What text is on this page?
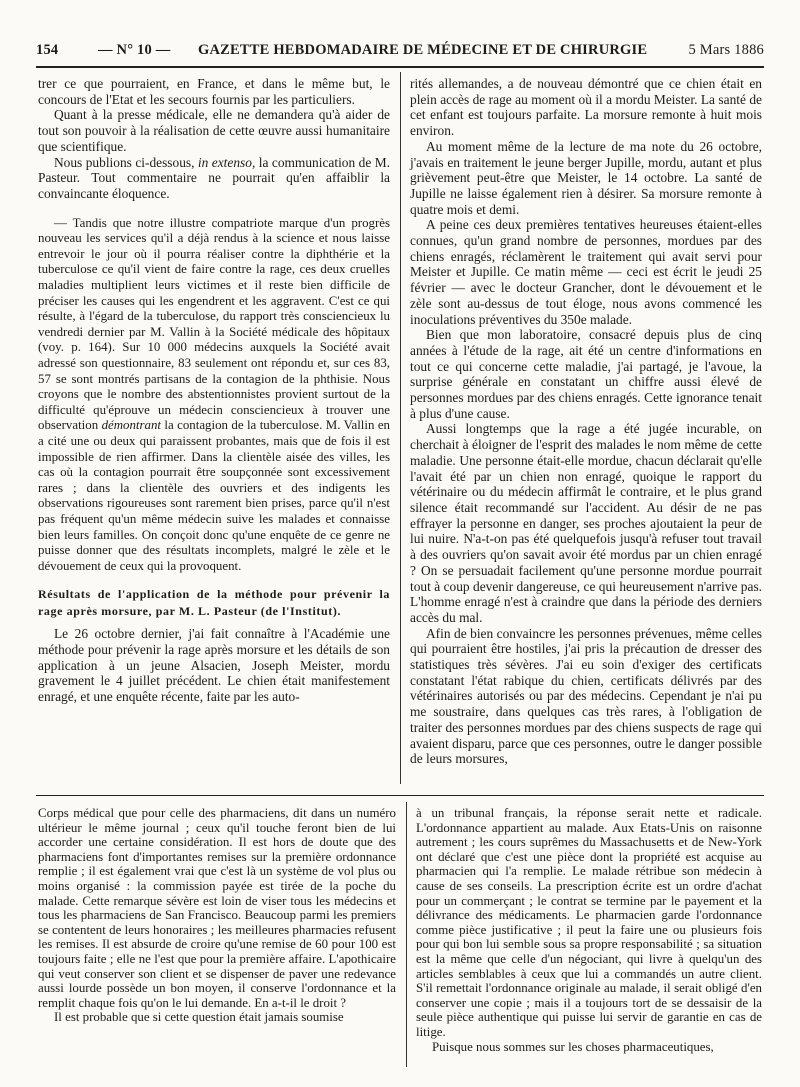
154	— N° 10 — GAZETTE HEBDOMADAIRE DE MÉDECINE ET DE CHIRURGIE	5 Mars 1886

trer ce que pourraient, en France, et dans le même but, le concours de l'Etat et les secours fournis par les particuliers.

Quant à la presse médicale, elle ne demandera qu'à aider de tout son pouvoir à la réalisation de cette œuvre aussi humanitaire que scientifique.

Nous publions ci-dessous, in extenso, la communication de M. Pasteur. Tout commentaire ne pourrait qu'en affaiblir la convaincante éloquence.

— Tandis que notre illustre compatriote marque d'un progrès nouveau les services qu'il a déjà rendus à la science et nous laisse entrevoir le jour où il pourra réaliser contre la diphthérie et la tuberculose ce qu'il vient de faire contre la rage, ces deux cruelles maladies multiplient leurs victimes et il reste bien difficile de préciser les causes qui les engendrent et les aggravent. C'est ce qui résulte, à l'égard de la tuberculose, du rapport très consciencieux lu vendredi dernier par M. Vallin à la Société médicale des hôpitaux (voy. p. 164). Sur 10 000 médecins auxquels la Société avait adressé son questionnaire, 83 seulement ont répondu et, sur ces 83, 57 se sont montrés partisans de la contagion de la phthisie. Nous croyons que le nombre des abstentionnistes provient surtout de la difficulté qu'éprouve un médecin consciencieux à trouver une observation démontrant la contagion de la tuberculose. M. Vallin en a cité une ou deux qui paraissent probantes, mais que de fois il est impossible de rien affirmer. Dans la clientèle aisée des villes, les cas où la contagion pourrait être soupçonnée sont excessivement rares ; dans la clientèle des ouvriers et des indigents les observations rigoureuses sont rarement bien prises, parce qu'il n'est pas fréquent qu'un même médecin suive les malades et connaisse bien leurs familles. On conçoit donc qu'une enquête de ce genre ne puisse donner que des résultats incomplets, malgré le zèle et le dévouement de ceux qui la provoquent.

Résultats de l'application de la méthode pour prévenir la rage après morsure, par M. L. Pasteur (de l'Institut).

Le 26 octobre dernier, j'ai fait connaître à l'Académie une méthode pour prévenir la rage après morsure et les détails de son application à un jeune Alsacien, Joseph Meister, mordu gravement le 4 juillet précédent. Le chien était manifestement enragé, et une enquête récente, faite par les auto-

rités allemandes, a de nouveau démontré que ce chien était en plein accès de rage au moment où il a mordu Meister. La santé de cet enfant est toujours parfaite. La morsure remonte à huit mois environ.

Au moment même de la lecture de ma note du 26 octobre, j'avais en traitement le jeune berger Jupille, mordu, autant et plus grièvement peut-être que Meister, le 14 octobre. La santé de Jupille ne laisse également rien à désirer. Sa morsure remonte à quatre mois et demi.

A peine ces deux premières tentatives heureuses étaient-elles connues, qu'un grand nombre de personnes, mordues par des chiens enragés, réclamèrent le traitement qui avait servi pour Meister et Jupille. Ce matin même — ceci est écrit le jeudi 25 février — avec le docteur Grancher, dont le dévouement et le zèle sont au-dessus de tout éloge, nous avons commencé les inoculations préventives du 350e malade.

Bien que mon laboratoire, consacré depuis plus de cinq années à l'étude de la rage, ait été un centre d'informations en tout ce qui concerne cette maladie, j'ai partagé, je l'avoue, la surprise générale en constatant un chiffre aussi élevé de personnes mordues par des chiens enragés. Cette ignorance tenait à plus d'une cause.

Aussi longtemps que la rage a été jugée incurable, on cherchait à éloigner de l'esprit des malades le nom même de cette maladie. Une personne était-elle mordue, chacun déclarait qu'elle l'avait été par un chien non enragé, quoique le rapport du vétérinaire ou du médecin affirmât le contraire, et le plus grand silence était recommandé sur l'accident. Au désir de ne pas effrayer la personne en danger, ses proches ajoutaient la peur de lui nuire. N'a-t-on pas été quelquefois jusqu'à refuser tout travail à des ouvriers qu'on savait avoir été mordus par un chien enragé ? On se persuadait facilement qu'une personne mordue pourrait tout à coup devenir dangereuse, ce qui heureusement n'arrive pas. L'homme enragé n'est à craindre que dans la période des derniers accès du mal.

Afin de bien convaincre les personnes prévenues, même celles qui pourraient être hostiles, j'ai pris la précaution de dresser des statistiques très sévères. J'ai eu soin d'exiger des certificats constatant l'état rabique du chien, certificats délivrés par des vétérinaires autorisés ou par des médecins. Cependant je n'ai pu me soustraire, dans quelques cas très rares, à l'obligation de traiter des personnes mordues par des chiens suspects de rage qui avaient disparu, parce que ces personnes, outre le danger possible de leurs morsures,

Corps médical que pour celle des pharmaciens, dit dans un numéro ultérieur le même journal ; ceux qu'il touche feront bien de lui accorder une certaine considération. Il est hors de doute que des pharmaciens font d'importantes remises sur la première ordonnance remplie ; il est également vrai que c'est là un système de vol plus ou moins organisé : la commission payée est tirée de la poche du malade. Cette remarque sévère est loin de viser tous les médecins et tous les pharmaciens de San Francisco. Beaucoup parmi les premiers se contentent de leurs honoraires ; les meilleures pharmacies refusent les remises. Il est absurde de croire qu'une remise de 60 pour 100 est toujours faite ; elle ne l'est que pour la première affaire. L'apothicaire qui veut conserver son client et se dispenser de paver une redevance aussi lourde possède un bon moyen, il conserve l'ordonnance et la remplit chaque fois qu'on le lui demande. En a-t-il le droit ?

Il est probable que si cette question était jamais soumise

à un tribunal français, la réponse serait nette et radicale. L'ordonnance appartient au malade. Aux Etats-Unis on raisonne autrement ; les cours suprêmes du Massachusetts et de New-York ont déclaré que c'est une pièce dont la propriété est acquise au pharmacien qui l'a remplie. Le malade rétribue son médecin à cause de ses conseils. La prescription écrite est un ordre d'achat pour un commerçant ; le contrat se termine par le payement et la délivrance des médicaments. Le pharmacien garde l'ordonnance comme pièce justificative ; il peut la faire une ou plusieurs fois pour qui bon lui semble sous sa propre responsabilité ; sa situation est la même que celle d'un négociant, qui livre à quelqu'un des articles semblables à ceux que lui a commandés un autre client. S'il remettait l'ordonnance originale au malade, il serait obligé d'en conserver une copie ; mais il a toujours tort de se dessaisir de la seule pièce authentique qui puisse lui servir de garantie en cas de litige.

Puisque nous sommes sur les choses pharmaceutiques,
